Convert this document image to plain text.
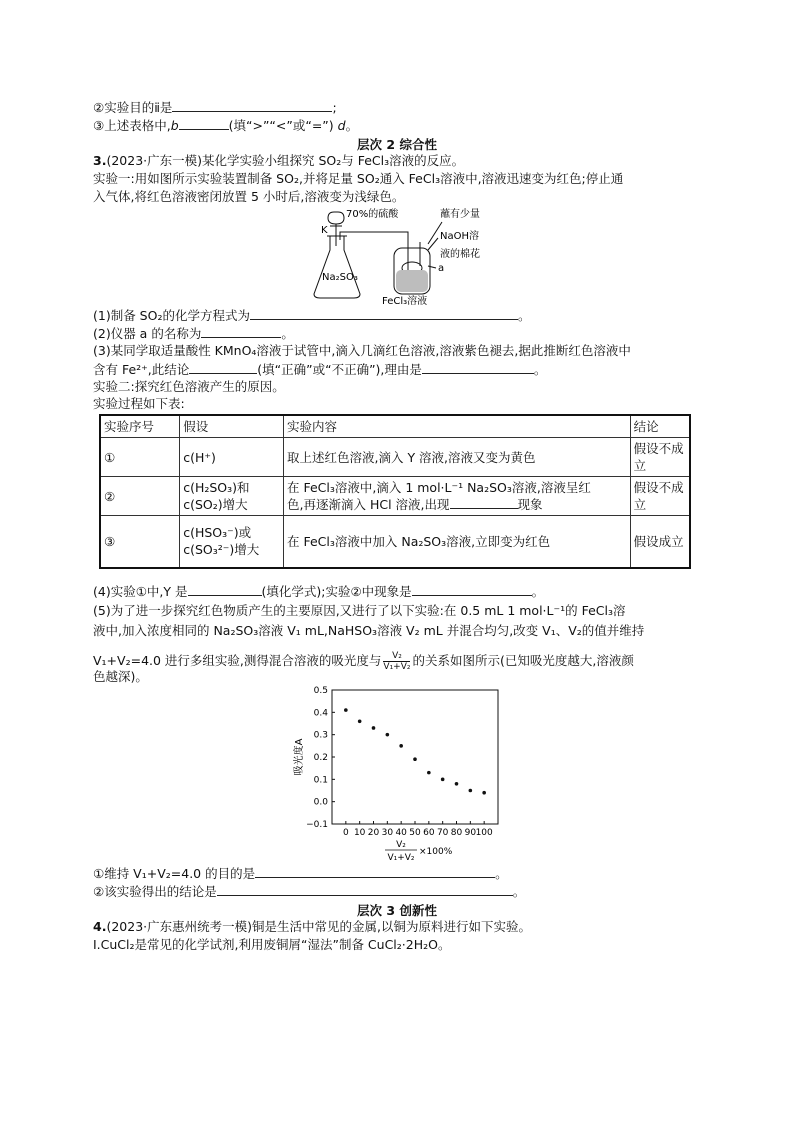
②实验目的ⅱ是	;
③上述表格中,b	(填“>”“<”或“=”) d。
层次 2 综合性
3.(2023·广东一模)某化学实验小组探究 SO₂与 FeCl₃溶液的反应。
实验一:用如图所示实验装置制备 SO₂,并将足量 SO₂通入 FeCl₃溶液中,溶液迅速变为红色;停止通
入气体,将红色溶液密闭放置 5 小时后,溶液变为浅绿色。
70%的硫酸
K
Na₂SO₃
蘸有少量
NaOH溶
液的棉花
a
FeCl₃溶液
(1)制备 SO₂的化学方程式为	。
(2)仪器 a 的名称为	。
(3)某同学取适量酸性 KMnO₄溶液于试管中,滴入几滴红色溶液,溶液紫色褪去,据此推断红色溶液中
含有 Fe²⁺,此结论	(填“正确”或“不正确”),理由是	。
实验二:探究红色溶液产生的原因。
实验过程如下表:
实验序号	假设	实验内容	结论
①	c(H⁺)	取上述红色溶液,滴入 Y 溶液,溶液又变为黄色	假设不成立
②	c(H₂SO₃)和c(SO₂)增大	在 FeCl₃溶液中,滴入 1 mol·L⁻¹ Na₂SO₃溶液,溶液呈红
色,再逐渐滴入 HCl 溶液,出现 现象	假设不成立
③	c(HSO₃⁻)或
c(SO₃²⁻)增大	在 FeCl₃溶液中加入 Na₂SO₃溶液,立即变为红色	假设成立
(4)实验①中,Y 是	(填化学式);实验②中现象是	。
(5)为了进一步探究红色物质产生的主要原因,又进行了以下实验:在 0.5 mL 1 mol·L⁻¹的 FeCl₃溶
液中,加入浓度相同的 Na₂SO₃溶液 V₁ mL,NaHSO₃溶液 V₂ mL 并混合均匀,改变 V₁、V₂的值并维持
V₁+V₂=4.0 进行多组实验,测得混合溶液的吸光度与 $\frac{\text{V₂}}{\text{V₁+V₂}}$ 的关系如图所示(已知吸光度越大,溶液颜
色越深)。
0 10 20 30 40 50 60 70 80 90 100
−0.1
0.0
0.1
0.2
0.3
0.4
0.5
吸光度A
V₂
V₁+V₂
×100%
①维持 V₁+V₂=4.0 的目的是	。
②该实验得出的结论是	。
层次 3 创新性
4.(2023·广东惠州统考一模)铜是生活中常见的金属,以铜为原料进行如下实验。
Ⅰ.CuCl₂是常见的化学试剂,利用废铜屑“湿法”制备 CuCl₂·2H₂O。
